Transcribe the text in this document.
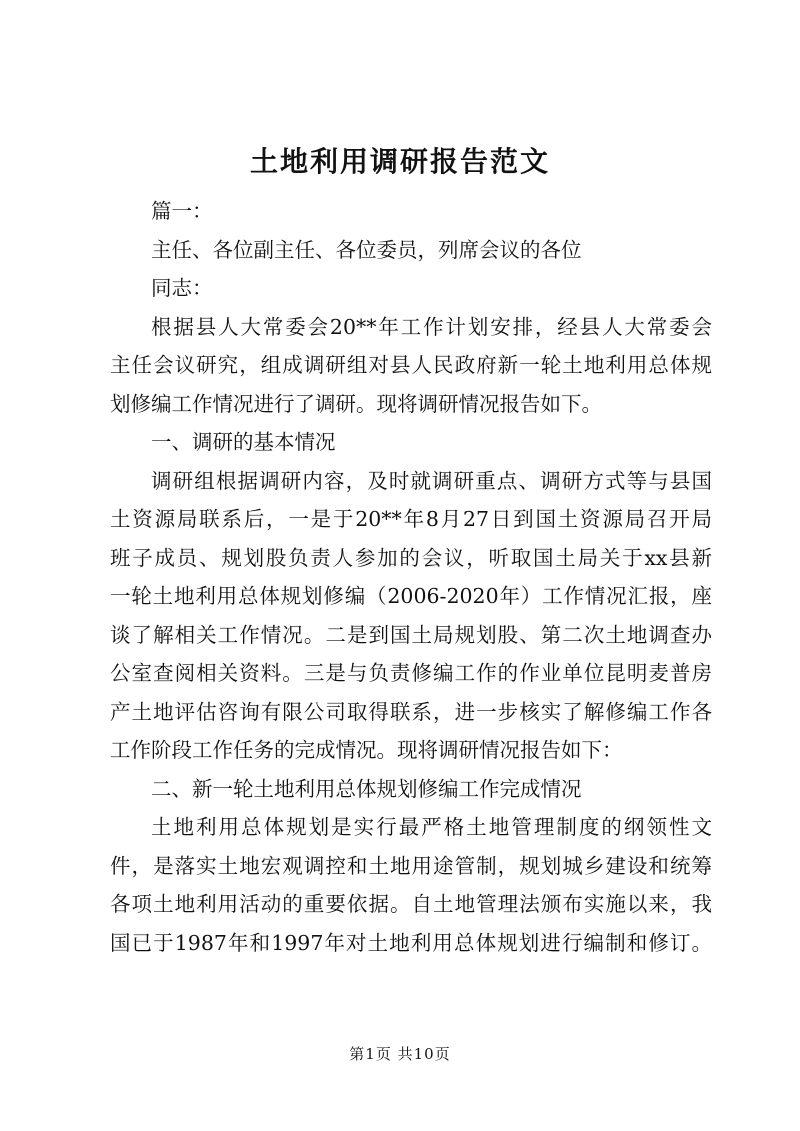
土地利用调研报告范文
篇一：
主任、各位副主任、各位委员，列席会议的各位
同志：
根据县人大常委会20**年工作计划安排，经县人大常委会
主任会议研究，组成调研组对县人民政府新一轮土地利用总体规
划修编工作情况进行了调研。现将调研情况报告如下。
一、调研的基本情况
调研组根据调研内容，及时就调研重点、调研方式等与县国
土资源局联系后，一是于20**年8月27日到国土资源局召开局
班子成员、规划股负责人参加的会议，听取国土局关于xx县新
一轮土地利用总体规划修编（2006-2020年）工作情况汇报，座
谈了解相关工作情况。二是到国土局规划股、第二次土地调查办
公室查阅相关资料。三是与负责修编工作的作业单位昆明麦普房
产土地评估咨询有限公司取得联系，进一步核实了解修编工作各
工作阶段工作任务的完成情况。现将调研情况报告如下：
二、新一轮土地利用总体规划修编工作完成情况
土地利用总体规划是实行最严格土地管理制度的纲领性文
件，是落实土地宏观调控和土地用途管制，规划城乡建设和统筹
各项土地利用活动的重要依据。自土地管理法颁布实施以来，我
国已于1987年和1997年对土地利用总体规划进行编制和修订。
第1页 共10页
